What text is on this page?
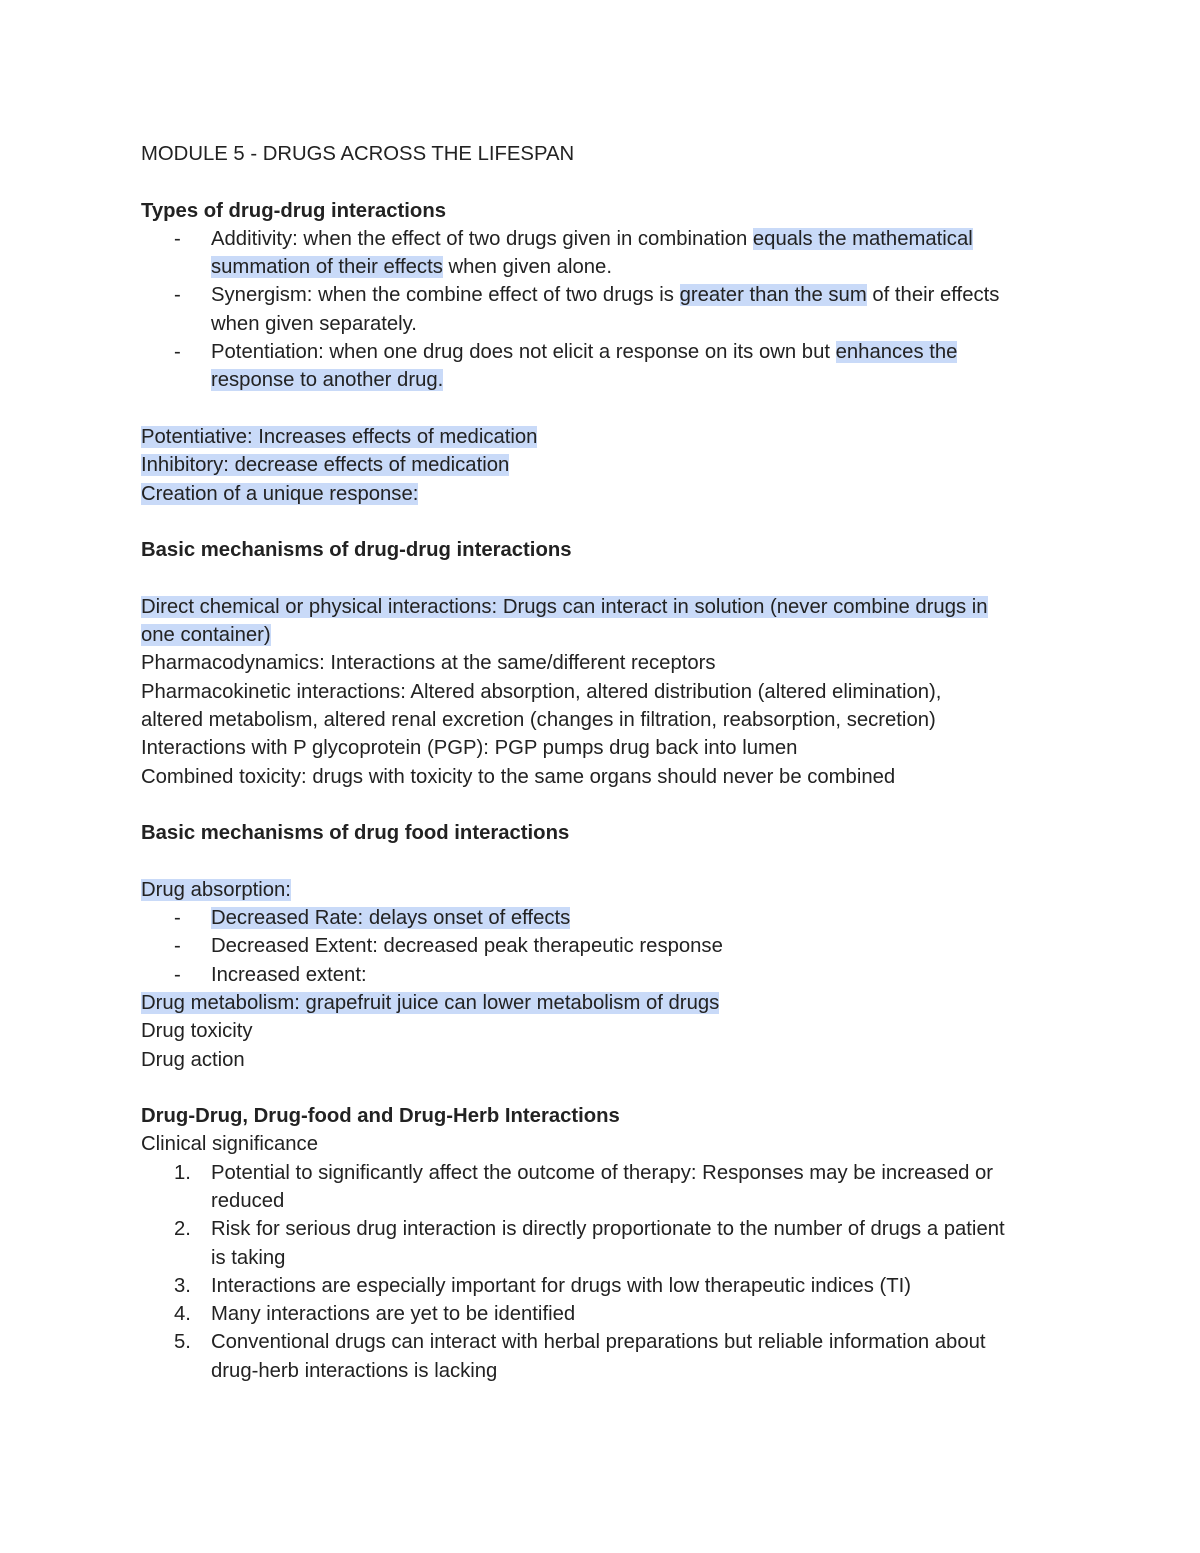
MODULE 5 - DRUGS ACROSS THE LIFESPAN
Types of drug-drug interactions
- Additivity: when the effect of two drugs given in combination equals the mathematical
summation of their effects when given alone.
- Synergism: when the combine effect of two drugs is greater than the sum of their effects
when given separately.
- Potentiation: when one drug does not elicit a response on its own but enhances the
response to another drug.
Potentiative: Increases effects of medication
Inhibitory: decrease effects of medication
Creation of a unique response:
Basic mechanisms of drug-drug interactions
Direct chemical or physical interactions: Drugs can interact in solution (never combine drugs in
one container)
Pharmacodynamics: Interactions at the same/different receptors
Pharmacokinetic interactions: Altered absorption, altered distribution (altered elimination),
altered metabolism, altered renal excretion (changes in filtration, reabsorption, secretion)
Interactions with P glycoprotein (PGP): PGP pumps drug back into lumen
Combined toxicity: drugs with toxicity to the same organs should never be combined
Basic mechanisms of drug food interactions
Drug absorption:
- Decreased Rate: delays onset of effects
- Decreased Extent: decreased peak therapeutic response
- Increased extent:
Drug metabolism: grapefruit juice can lower metabolism of drugs
Drug toxicity
Drug action
Drug-Drug, Drug-food and Drug-Herb Interactions
Clinical significance
1. Potential to significantly affect the outcome of therapy: Responses may be increased or
reduced
2. Risk for serious drug interaction is directly proportionate to the number of drugs a patient
is taking
3. Interactions are especially important for drugs with low therapeutic indices (TI)
4. Many interactions are yet to be identified
5. Conventional drugs can interact with herbal preparations but reliable information about
drug-herb interactions is lacking
